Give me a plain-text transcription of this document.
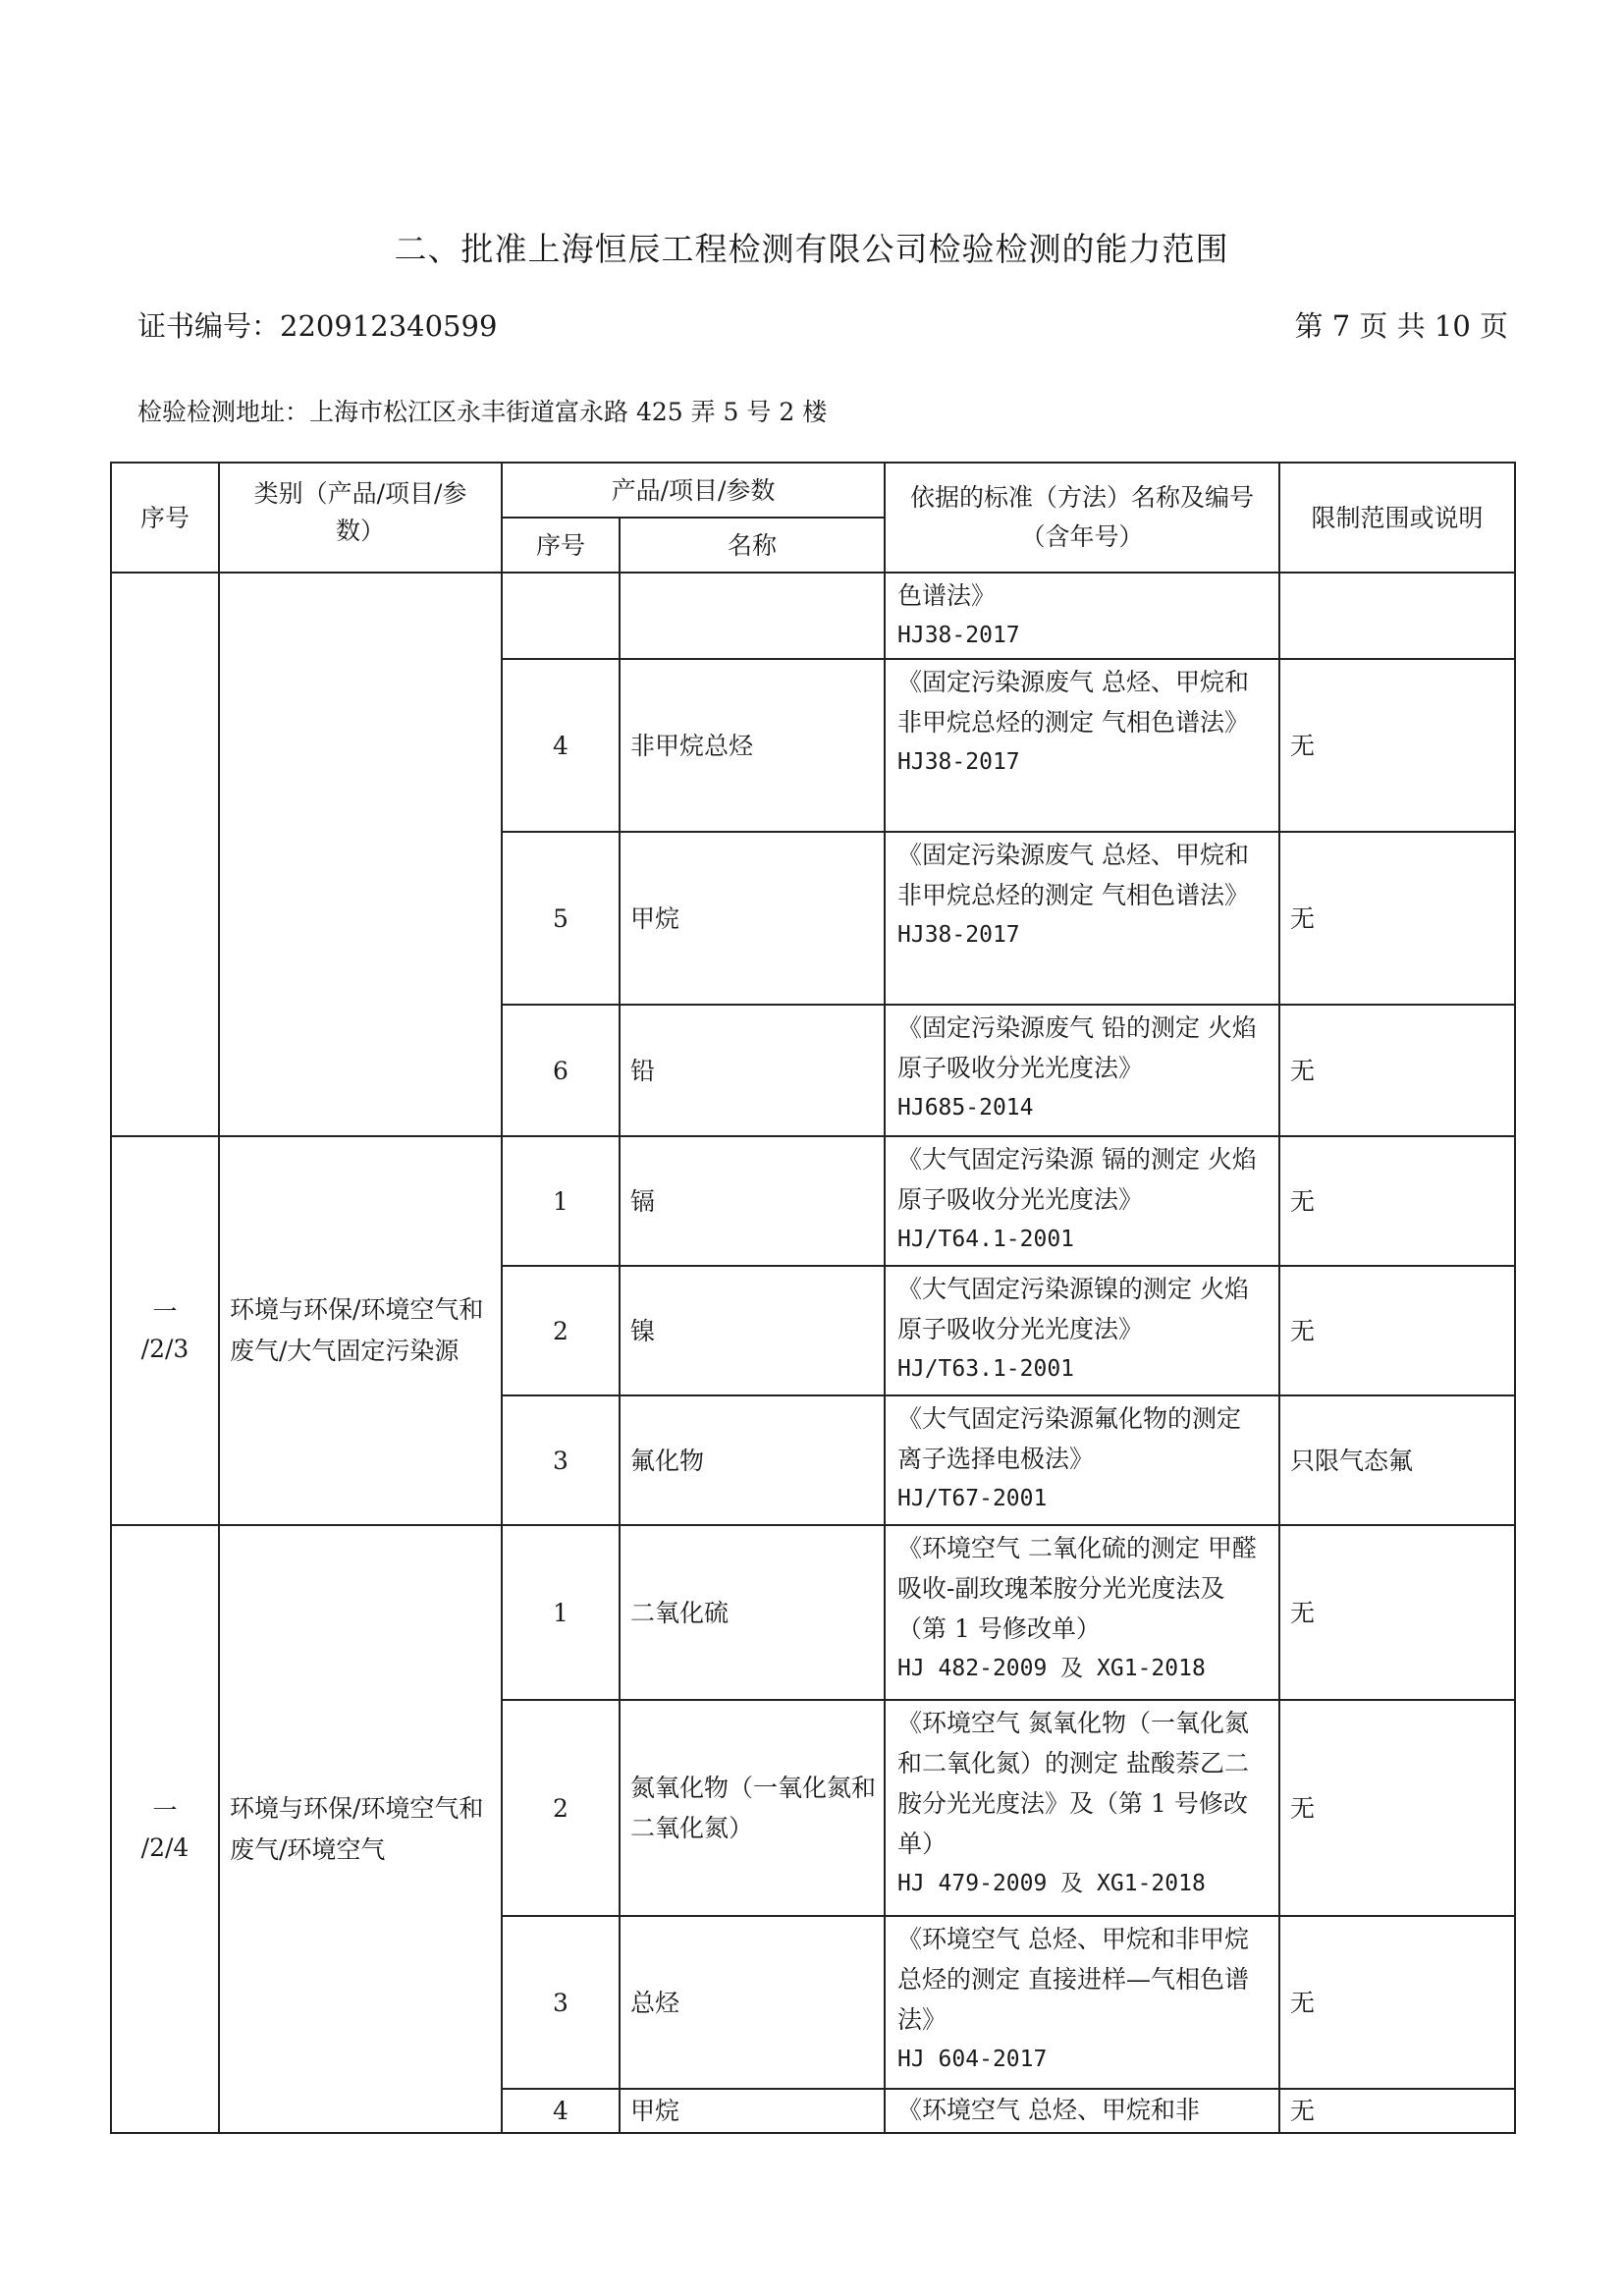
二、批准上海恒辰工程检测有限公司检验检测的能力范围
证书编号：220912340599	第 7 页 共 10 页
检验检测地址：上海市松江区永丰街道富永路 425 弄 5 号 2 楼
序号	类别（产品/项目/参数）	产品/项目/参数		依据的标准（方法）名称及编号（含年号）	限制范围或说明
		序号	名称		

				色谱法》
HJ38-2017	

		4	非甲烷总烃	《固定污染源废气 总烃、甲烷和非甲烷总烃的测定 气相色谱法》
HJ38-2017	无
		5	甲烷	《固定污染源废气 总烃、甲烷和非甲烷总烃的测定 气相色谱法》
HJ38-2017	无
		6	铅	《固定污染源废气 铅的测定 火焰原子吸收分光光度法》
HJ685-2014	无

一
/2/3	环境与环保/环境空气和废气/大气固定污染源	1	镉	《大气固定污染源 镉的测定 火焰原子吸收分光光度法》
HJ/T64.1-2001	无
		2	镍	《大气固定污染源镍的测定 火焰原子吸收分光光度法》
HJ/T63.1-2001	无
		3	氟化物	《大气固定污染源氟化物的测定 离子选择电极法》
HJ/T67-2001	只限气态氟

一
/2/4	环境与环保/环境空气和废气/环境空气	1	二氧化硫	《环境空气 二氧化硫的测定 甲醛吸收-副玫瑰苯胺分光光度法及（第 1 号修改单）
HJ 482-2009 及 XG1-2018	无
		2	氮氧化物（一氧化氮和二氧化氮）	《环境空气 氮氧化物（一氧化氮和二氧化氮）的测定 盐酸萘乙二胺分光光度法》及（第 1 号修改单）
HJ 479-2009 及 XG1-2018	无
		3	总烃	《环境空气 总烃、甲烷和非甲烷总烃的测定 直接进样—气相色谱法》
HJ 604-2017	无
		4	甲烷	《环境空气 总烃、甲烷和非	无
